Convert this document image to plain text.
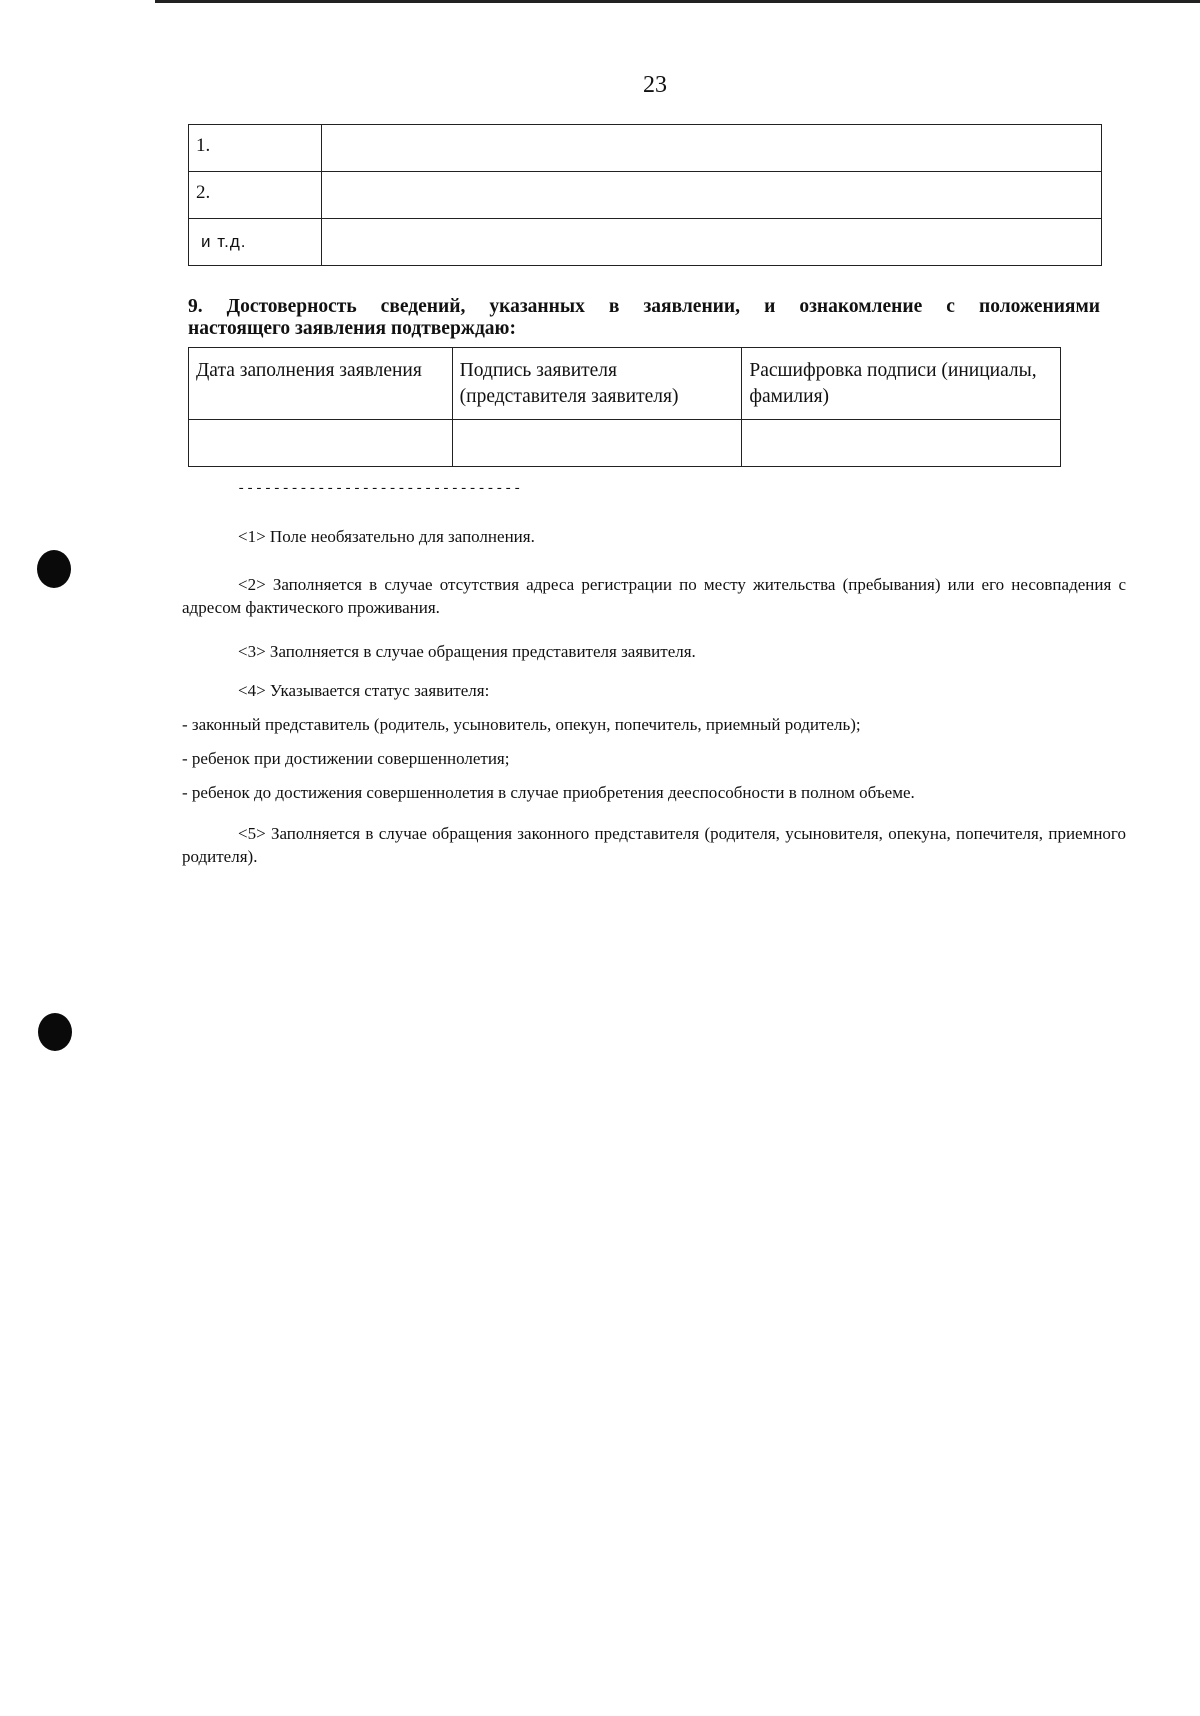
23
1.	
2.	
и т.д.	
9. Достоверность сведений, указанных в заявлении, и ознакомление с положениями
настоящего заявления подтверждаю:
Дата заполнения заявления	Подпись заявителя (представителя заявителя)	Расшифровка подписи (инициалы, фамилия)

--------------------------------

<1> Поле необязательно для заполнения.

<2> Заполняется в случае отсутствия адреса регистрации по месту жительства (пребывания) или его несовпадения с адресом фактического проживания.

<3> Заполняется в случае обращения представителя заявителя.

<4> Указывается статус заявителя:

- законный представитель (родитель, усыновитель, опекун, попечитель, приемный родитель);

- ребенок при достижении совершеннолетия;

- ребенок до достижения совершеннолетия в случае приобретения дееспособности в полном объеме.

<5> Заполняется в случае обращения законного представителя (родителя, усыновителя, опекуна, попечителя, приемного родителя).
